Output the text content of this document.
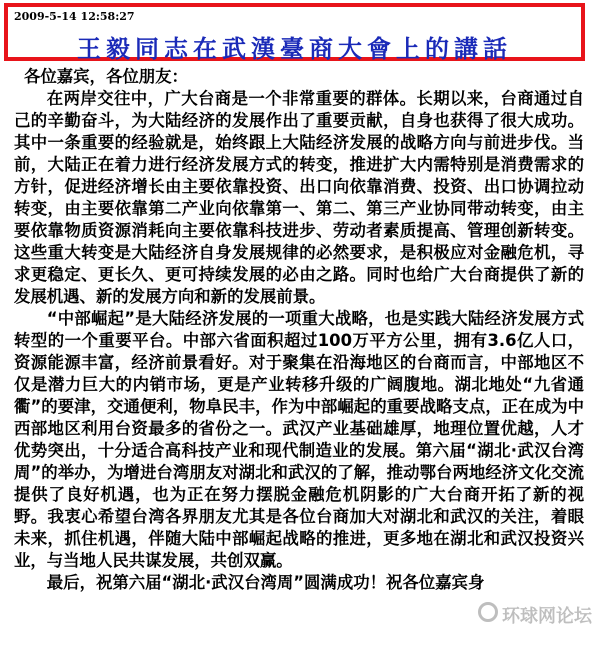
2009-5-14 12:58:27
王毅同志在武漢臺商大會上的講話

各位嘉宾，各位朋友：

在两岸交往中，广大台商是一个非常重要的群体。长期以来，台商通过自己的辛勤奋斗，为大陆经济的发展作出了重要贡献，自身也获得了很大成功。其中一条重要的经验就是，始终跟上大陆经济发展的战略方向与前进步伐。当前，大陆正在着力进行经济发展方式的转变，推进扩大内需特别是消费需求的方针，促进经济增长由主要依靠投资、出口向依靠消费、投资、出口协调拉动转变，由主要依靠第二产业向依靠第一、第二、第三产业协同带动转变，由主要依靠物质资源消耗向主要依靠科技进步、劳动者素质提高、管理创新转变。这些重大转变是大陆经济自身发展规律的必然要求，是积极应对金融危机，寻求更稳定、更长久、更可持续发展的必由之路。同时也给广大台商提供了新的发展机遇、新的发展方向和新的发展前景。

“中部崛起”是大陆经济发展的一项重大战略，也是实践大陆经济发展方式转型的一个重要平台。中部六省面积超过100万平方公里，拥有3.6亿人口，资源能源丰富，经济前景看好。对于聚集在沿海地区的台商而言，中部地区不仅是潜力巨大的内销市场，更是产业转移升级的广阔腹地。湖北地处“九省通衢”的要津，交通便利，物阜民丰，作为中部崛起的重要战略支点，正在成为中西部地区利用台资最多的省份之一。武汉产业基础雄厚，地理位置优越，人才优势突出，十分适合高科技产业和现代制造业的发展。第六届“湖北·武汉台湾周”的举办，为增进台湾朋友对湖北和武汉的了解，推动鄂台两地经济文化交流提供了良好机遇，也为正在努力摆脱金融危机阴影的广大台商开拓了新的视野。我衷心希望台湾各界朋友尤其是各位台商加大对湖北和武汉的关注，着眼未来，抓住机遇，伴随大陆中部崛起战略的推进，更多地在湖北和武汉投资兴业，与当地人民共谋发展，共创双赢。

最后，祝第六届“湖北·武汉台湾周”圆满成功！祝各位嘉宾身

环球网论坛
